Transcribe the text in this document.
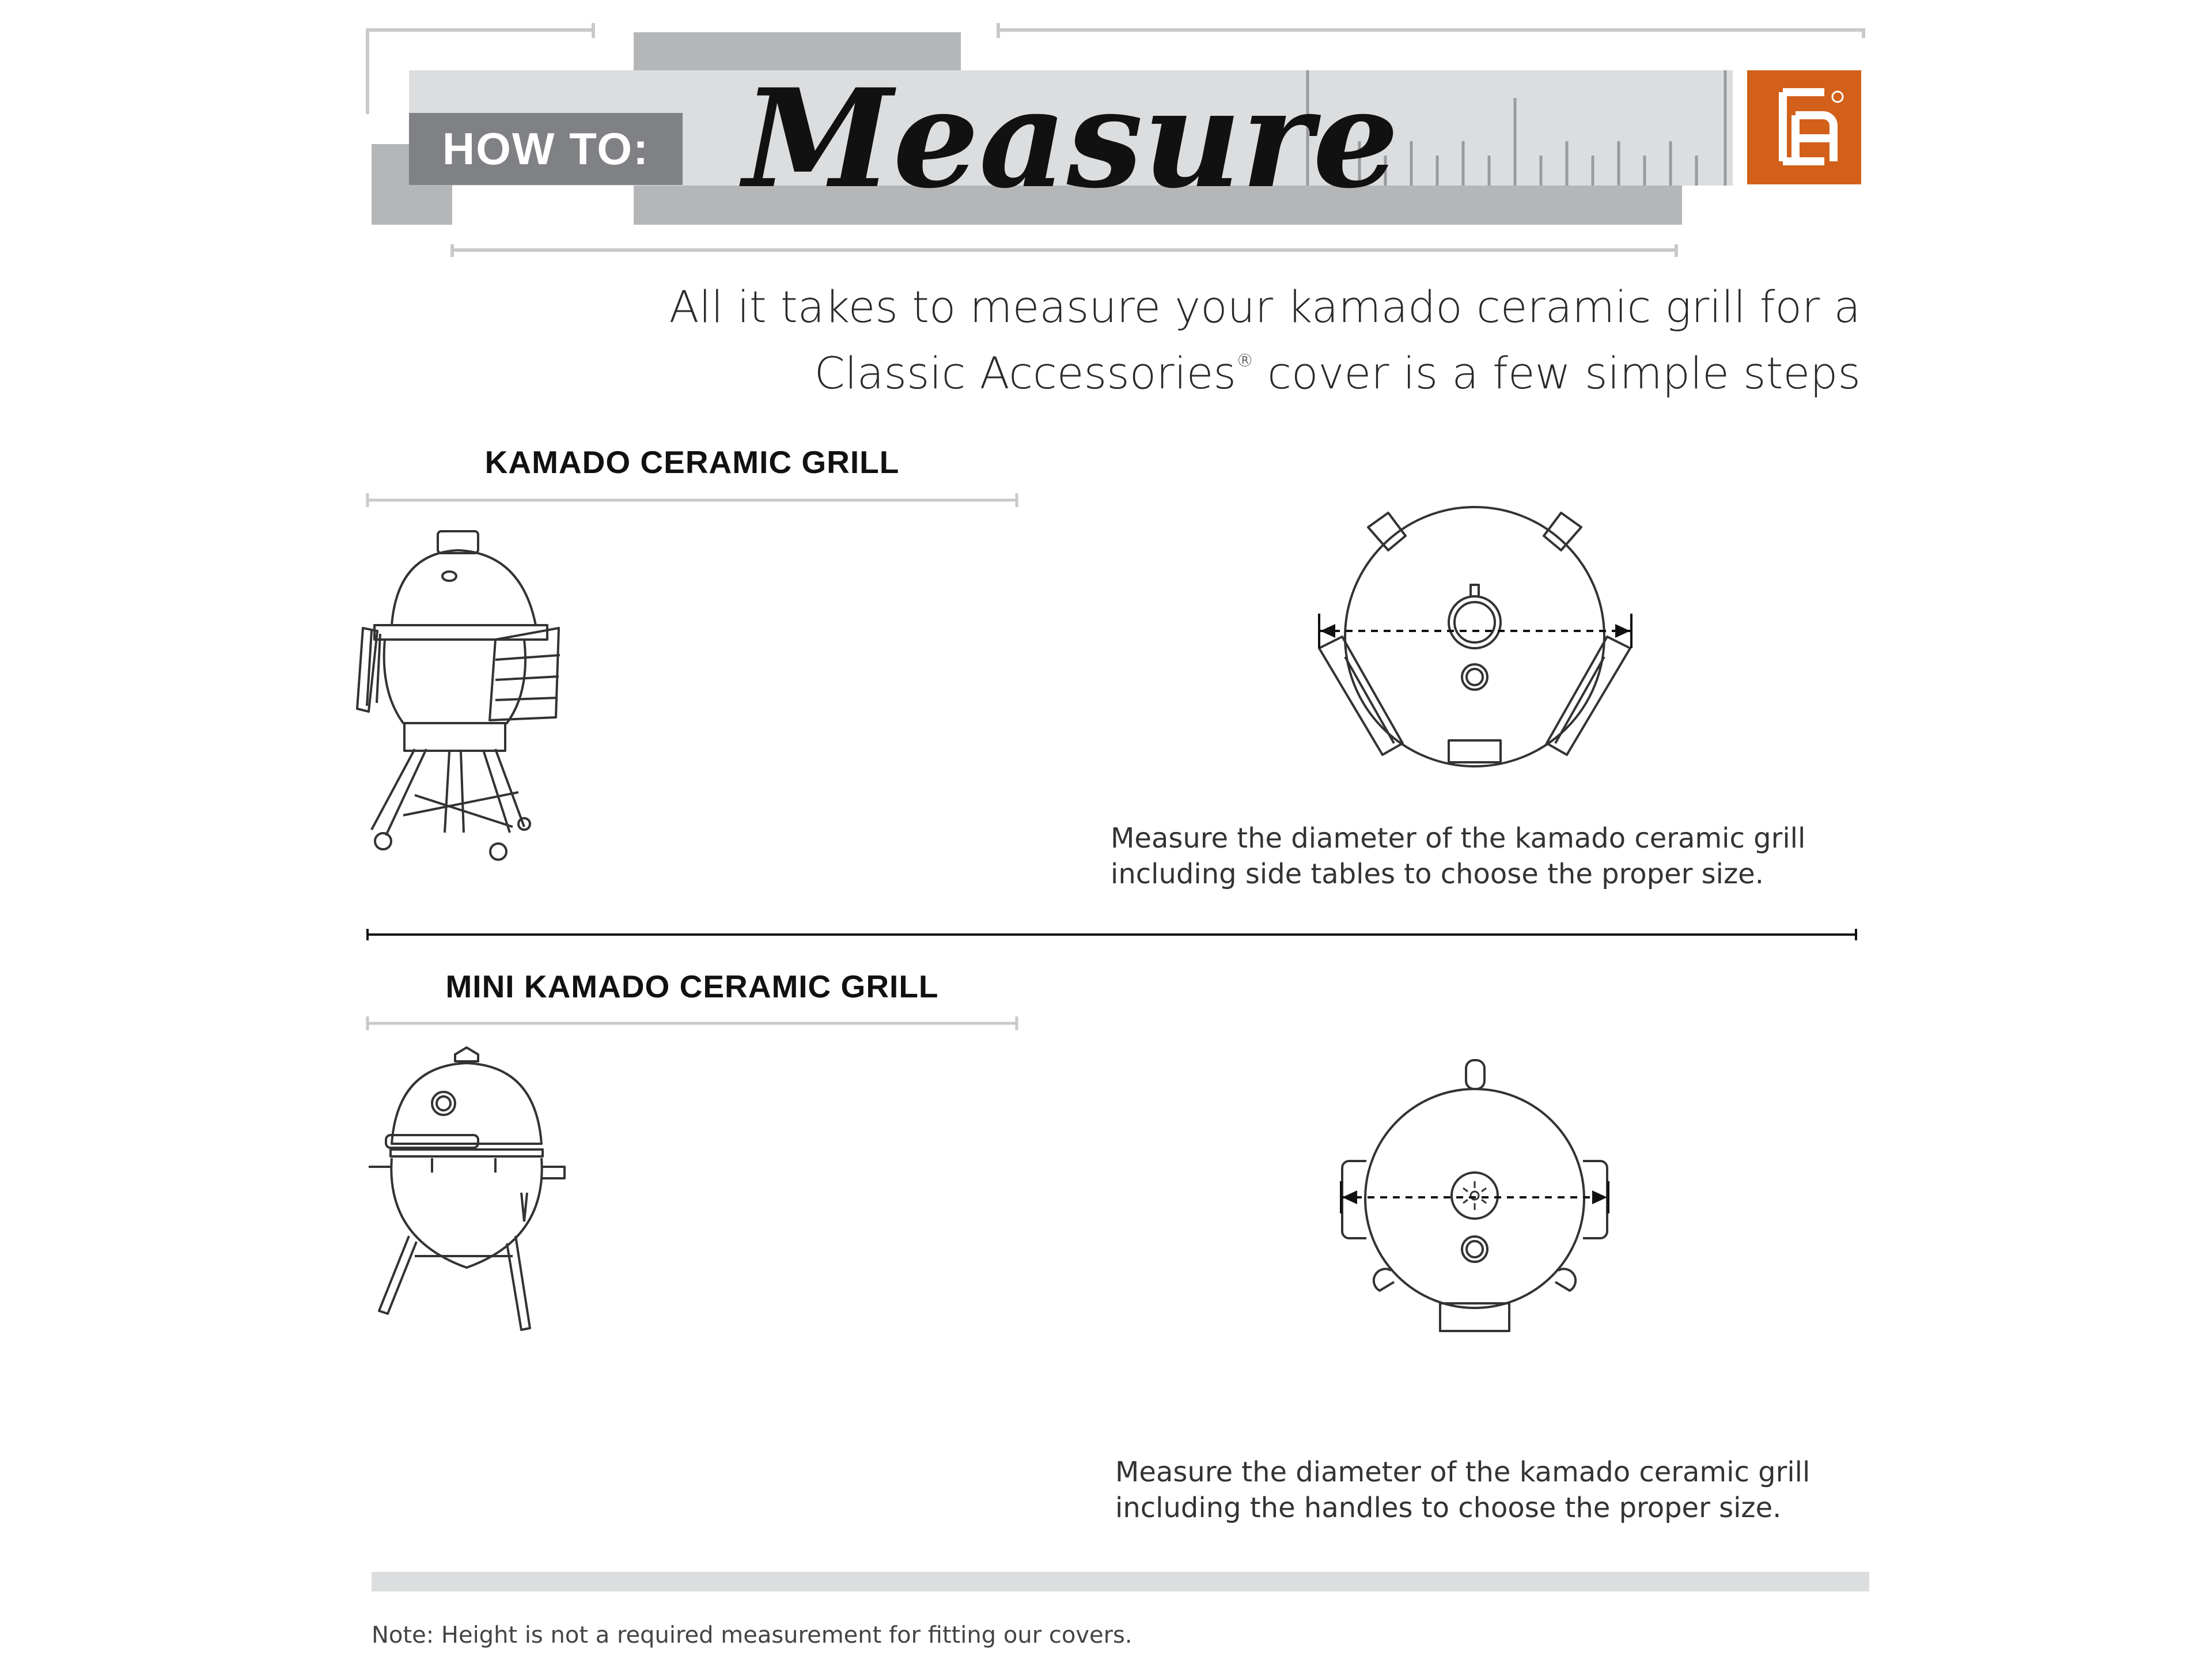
CA
HOW TO: Measure
All it takes to measure your kamado ceramic grill for a
Classic Accessories® cover is a few simple steps
KAMADO CERAMIC GRILL
Measure the diameter of the kamado ceramic grill
including side tables to choose the proper size.
MINI KAMADO CERAMIC GRILL
Measure the diameter of the kamado ceramic grill
including the handles to choose the proper size.
Note: Height is not a required measurement for fitting our covers.
